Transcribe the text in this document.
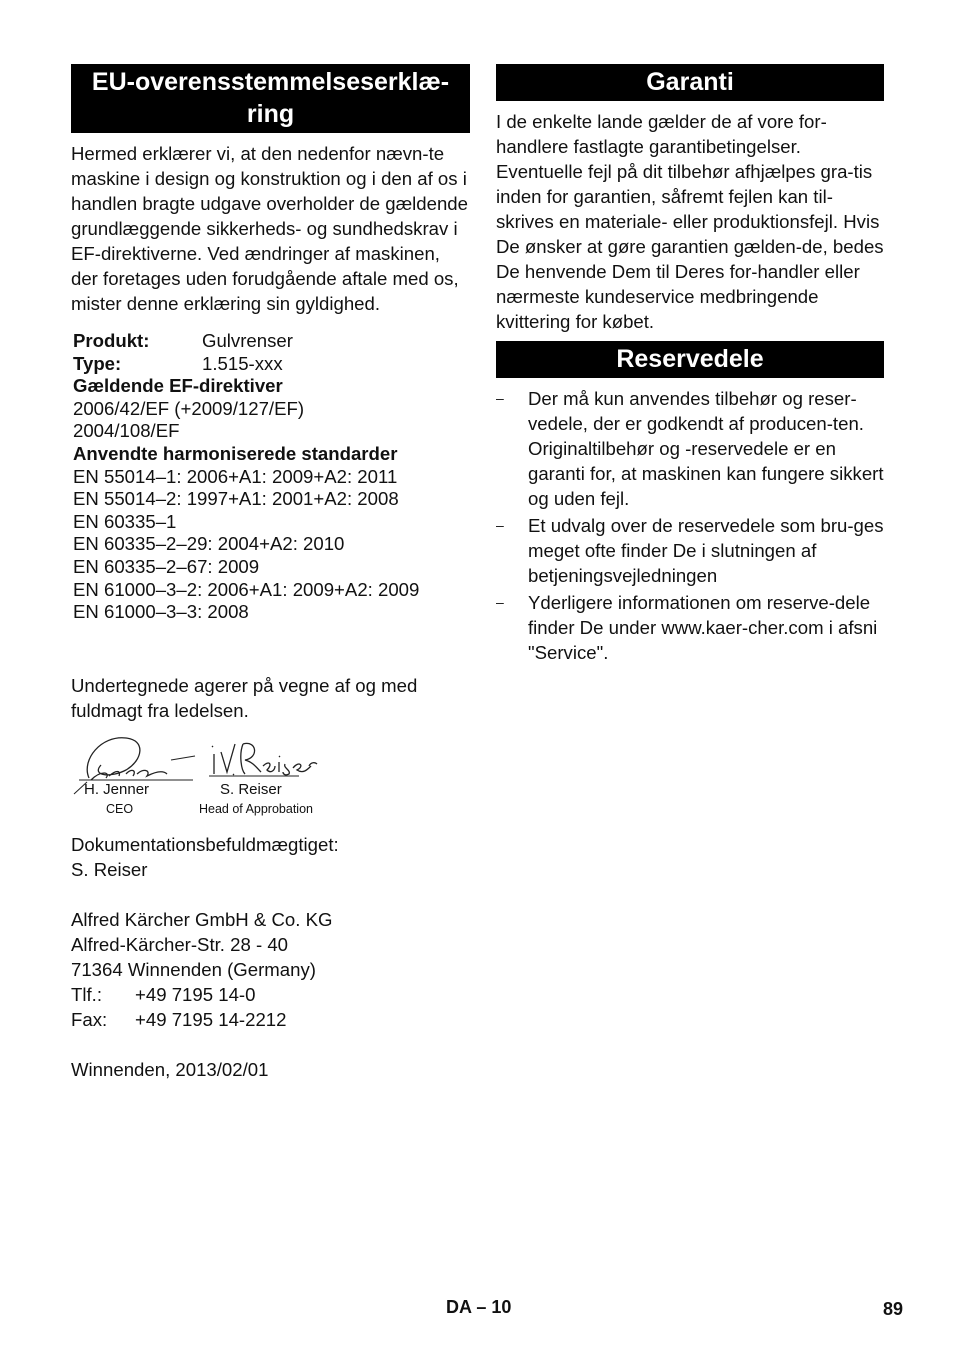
EU-overensstemmelseserklæ-
ring

Hermed erklærer vi, at den nedenfor nævn-te maskine i design og konstruktion og i den af os i handlen bragte udgave overholder de gældende grundlæggende sikkerheds- og sundhedskrav i EF-direktiverne. Ved ændringer af maskinen, der foretages uden forudgående aftale med os, mister denne erklæring sin gyldighed.

Produkt:	Gulvrenser
Type:	1.515-xxx
Gældende EF-direktiver
2006/42/EF (+2009/127/EF)
2004/108/EF
Anvendte harmoniserede standarder
EN 55014–1: 2006+A1: 2009+A2: 2011
EN 55014–2: 1997+A1: 2001+A2: 2008
EN 60335–1
EN 60335–2–29: 2004+A2: 2010
EN 60335–2–67: 2009
EN 61000–3–2: 2006+A1: 2009+A2: 2009
EN 61000–3–3: 2008

Undertegnede agerer på vegne af og med fuldmagt fra ledelsen.

H. Jenner
CEO
S. Reiser
Head of Approbation
Dokumentationsbefuldmægtiget:
S. Reiser
Alfred Kärcher GmbH & Co. KG
Alfred-Kärcher-Str. 28 - 40
71364 Winnenden (Germany)
Tlf.:	+49 7195 14-0
Fax:	+49 7195 14-2212
Winnenden, 2013/02/01
Garanti

I de enkelte lande gælder de af vore for-handlere fastlagte garantibetingelser. Eventuelle fejl på dit tilbehør afhjælpes gra-tis inden for garantien, såfremt fejlen kan til-skrives en materiale- eller produktionsfejl. Hvis De ønsker at gøre garantien gælden-de, bedes De henvende Dem til Deres for-handler eller nærmeste kundeservice medbringende kvittering for købet.

Reservedele
– Der må kun anvendes tilbehør og reser-vedele, der er godkendt af producen-ten. Originaltilbehør og -reservedele er en garanti for, at maskinen kan fungere sikkert og uden fejl.
– Et udvalg over de reservedele som bru-ges meget ofte finder De i slutningen af betjeningsvejledningen
– Yderligere informationen om reserve-dele finder De under www.kaer-cher.com i afsni "Service".
DA – 10	89
